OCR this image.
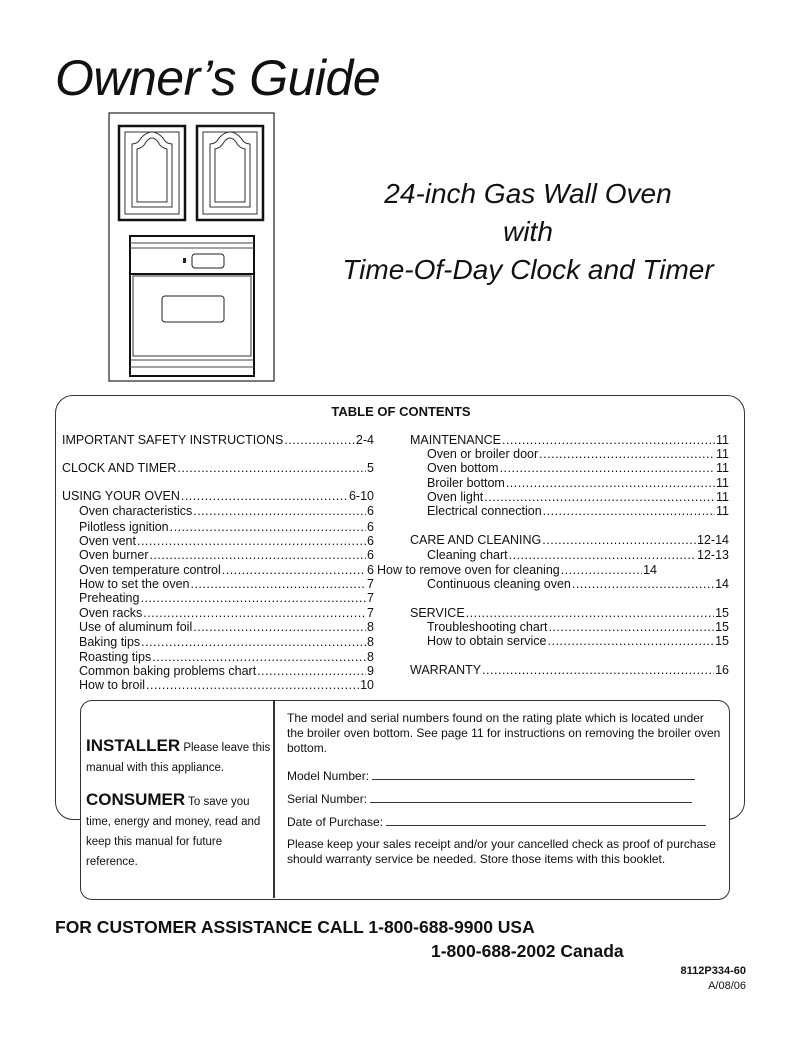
Owner’s Guide
24-inch Gas Wall Oven
with
Time-Of-Day Clock and Timer
TABLE OF CONTENTS
IMPORTANT SAFETY INSTRUCTIONS .....	2-4
CLOCK AND TIMER .....	5
USING YOUR OVEN .....	6-10
Oven characteristics .....	6
Pilotless ignition .....	6
Oven vent .....	6
Oven burner .....	6
Oven temperature control .....	6
How to set the oven .....	7
Preheating .....	7
Oven racks .....	7
Use of aluminum foil .....	8
Baking tips .....	8
Roasting tips .....	8
Common baking problems chart .....	9
How to broil .....	10
MAINTENANCE .....	11
Oven or broiler door .....	11
Oven bottom .....	11
Broiler bottom .....	11
Oven light .....	11
Electrical connection .....	11
CARE AND CLEANING .....	12-14
Cleaning chart .....	12-13
How to remove oven for cleaning .....	14
Continuous cleaning oven .....	14
SERVICE .....	15
Troubleshooting chart .....	15
How to obtain service .....	15
WARRANTY .....	16
INSTALLER Please leave this manual with this appliance.
CONSUMER To save you time, energy and money, read and keep this manual for future reference.
The model and serial numbers found on the rating plate which is located under the broiler oven bottom. See page 11 for instructions on removing the broiler oven bottom.
Model Number:
Serial Number:
Date of Purchase:
Please keep your sales receipt and/or your cancelled check as proof of purchase should warranty service be needed. Store those items with this booklet.
FOR CUSTOMER ASSISTANCE CALL 1-800-688-9900 USA
1-800-688-2002 Canada
8112P334-60
A/08/06
